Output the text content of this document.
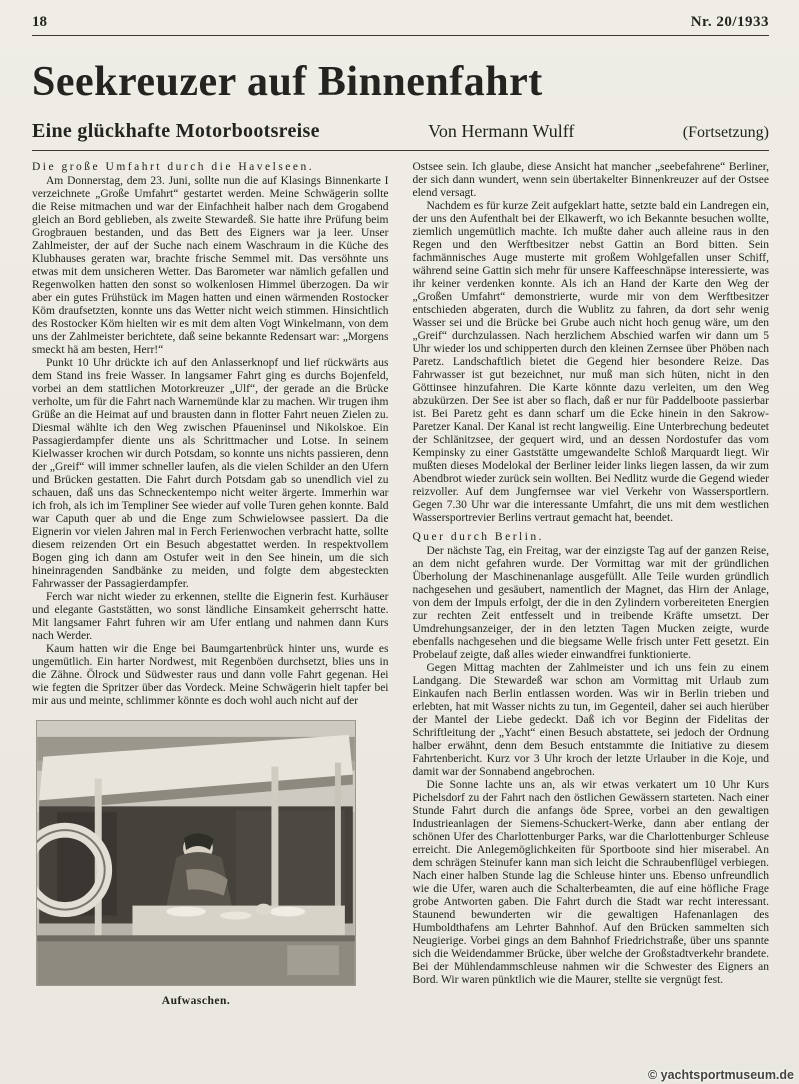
18	Nr. 20/1933
Seekreuzer auf Binnenfahrt
Eine glückhafte Motorbootsreise	Von Hermann Wulff	(Fortsetzung)
Die große Umfahrt durch die Havelseen.

Am Donnerstag, dem 23. Juni, sollte nun die auf Klasings Binnenkarte I verzeichnete „Große Umfahrt“ gestartet werden. Meine Schwägerin sollte die Reise mitmachen und war der Einfachheit halber nach dem Grogabend gleich an Bord geblieben, als zweite Stewardeß. Sie hatte ihre Prüfung beim Grogbrauen bestanden, und das Bett des Eigners war ja leer. Unser Zahlmeister, der auf der Suche nach einem Waschraum in die Küche des Klubhauses geraten war, brachte frische Semmel mit. Das versöhnte uns etwas mit dem unsicheren Wetter. Das Barometer war nämlich gefallen und Regenwolken hatten den sonst so wolkenlosen Himmel überzogen. Da wir aber ein gutes Frühstück im Magen hatten und einen wärmenden Rostocker Köm draufsetzten, konnte uns das Wetter nicht weich stimmen. Hinsichtlich des Rostocker Köm hielten wir es mit dem alten Vogt Winkelmann, von dem uns der Zahlmeister berichtete, daß seine bekannte Redensart war: „Morgens smeckt hä am besten, Herr!“

Punkt 10 Uhr drückte ich auf den Anlasserknopf und lief rückwärts aus dem Stand ins freie Wasser. In langsamer Fahrt ging es durchs Bojenfeld, vorbei an dem stattlichen Motorkreuzer „Ulf“, der gerade an die Brücke verholte, um für die Fahrt nach Warnemünde klar zu machen. Wir trugen ihm Grüße an die Heimat auf und brausten dann in flotter Fahrt neuen Zielen zu. Diesmal wählte ich den Weg zwischen Pfaueninsel und Nikolskoe. Ein Passagierdampfer diente uns als Schrittmacher und Lotse. In seinem Kielwasser krochen wir durch Potsdam, so konnte uns nichts passieren, denn der „Greif“ will immer schneller laufen, als die vielen Schilder an den Ufern und Brücken gestatten. Die Fahrt durch Potsdam gab so unendlich viel zu schauen, daß uns das Schneckentempo nicht weiter ärgerte. Immerhin war ich froh, als ich im Templiner See wieder auf volle Turen gehen konnte. Bald war Caputh quer ab und die Enge zum Schwielowsee passiert. Da die Eignerin vor vielen Jahren mal in Ferch Ferienwochen verbracht hatte, sollte diesem reizenden Ort ein Besuch abgestattet werden. In respektvollem Bogen ging ich dann am Ostufer weit in den See hinein, um die sich hineinragenden Sandbänke zu meiden, und folgte dem abgesteckten Fahrwasser der Passagierdampfer.

Ferch war nicht wieder zu erkennen, stellte die Eignerin fest. Kurhäuser und elegante Gaststätten, wo sonst ländliche Einsamkeit geherrscht hatte. Mit langsamer Fahrt fuhren wir am Ufer entlang und nahmen dann Kurs nach Werder.

Kaum hatten wir die Enge bei Baumgartenbrück hinter uns, wurde es ungemütlich. Ein harter Nordwest, mit Regenböen durchsetzt, blies uns in die Zähne. Ölrock und Südwester raus und dann volle Fahrt gegenan. Hei wie fegten die Spritzer über das Vordeck. Meine Schwägerin hielt tapfer bei mir aus und meinte, schlimmer könnte es doch wohl auch nicht auf der

Aufwaschen.

Ostsee sein. Ich glaube, diese Ansicht hat mancher „seebefahrene“ Berliner, der sich dann wundert, wenn sein übertakelter Binnenkreuzer auf der Ostsee elend versagt.

Nachdem es für kurze Zeit aufgeklart hatte, setzte bald ein Landregen ein, der uns den Aufenthalt bei der Elkawerft, wo ich Bekannte besuchen wollte, ziemlich ungemütlich machte. Ich mußte daher auch alleine raus in den Regen und den Werftbesitzer nebst Gattin an Bord bitten. Sein fachmännisches Auge musterte mit großem Wohlgefallen unser Schiff, während seine Gattin sich mehr für unsere Kaffeeschnäpse interessierte, was ihr keiner verdenken konnte. Als ich an Hand der Karte den Weg der „Großen Umfahrt“ demonstrierte, wurde mir von dem Werftbesitzer entschieden abgeraten, durch die Wublitz zu fahren, da dort sehr wenig Wasser sei und die Brücke bei Grube auch nicht hoch genug wäre, um den „Greif“ durchzulassen. Nach herzlichem Abschied warfen wir dann um 5 Uhr wieder los und schipperten durch den kleinen Zernsee über Phöben nach Paretz. Landschaftlich bietet die Gegend hier besondere Reize. Das Fahrwasser ist gut bezeichnet, nur muß man sich hüten, nicht in den Göttinsee hinzufahren. Die Karte könnte dazu verleiten, um den Weg abzukürzen. Der See ist aber so flach, daß er nur für Paddelboote passierbar ist. Bei Paretz geht es dann scharf um die Ecke hinein in den Sakrow-Paretzer Kanal. Der Kanal ist recht langweilig. Eine Unterbrechung bedeutet der Schlänitzsee, der gequert wird, und an dessen Nordostufer das vom Kempinsky zu einer Gaststätte umgewandelte Schloß Marquardt liegt. Wir mußten dieses Modelokal der Berliner leider links liegen lassen, da wir zum Abendbrot wieder zurück sein wollten. Bei Nedlitz wurde die Gegend wieder reizvoller. Auf dem Jungfernsee war viel Verkehr von Wassersportlern. Gegen 7.30 Uhr war die interessante Umfahrt, die uns mit dem westlichen Wassersportrevier Berlins vertraut gemacht hat, beendet.

Quer durch Berlin.

Der nächste Tag, ein Freitag, war der einzigste Tag auf der ganzen Reise, an dem nicht gefahren wurde. Der Vormittag war mit der gründlichen Überholung der Maschinenanlage ausgefüllt. Alle Teile wurden gründlich nachgesehen und gesäubert, namentlich der Magnet, das Hirn der Anlage, von dem der Impuls erfolgt, der die in den Zylindern vorbereiteten Energien zur rechten Zeit entfesselt und in treibende Kräfte umsetzt. Der Umdrehungsanzeiger, der in den letzten Tagen Mucken zeigte, wurde ebenfalls nachgesehen und die biegsame Welle frisch unter Fett gesetzt. Ein Probelauf zeigte, daß alles wieder einwandfrei funktionierte.

Gegen Mittag machten der Zahlmeister und ich uns fein zu einem Landgang. Die Stewardeß war schon am Vormittag mit Urlaub zum Einkaufen nach Berlin entlassen worden. Was wir in Berlin trieben und erlebten, hat mit Wasser nichts zu tun, im Gegenteil, daher sei auch hierüber der Mantel der Liebe gedeckt. Daß ich vor Beginn der Fidelitas der Schriftleitung der „Yacht“ einen Besuch abstattete, sei jedoch der Ordnung halber erwähnt, denn dem Besuch entstammte die Initiative zu diesem Fahrtenbericht. Kurz vor 3 Uhr kroch der letzte Urlauber in die Koje, und damit war der Sonnabend angebrochen.

Die Sonne lachte uns an, als wir etwas verkatert um 10 Uhr Kurs Pichelsdorf zu der Fahrt nach den östlichen Gewässern starteten. Nach einer Stunde Fahrt durch die anfangs öde Spree, vorbei an den gewaltigen Industrieanlagen der Siemens-Schuckert-Werke, dann aber entlang der schönen Ufer des Charlottenburger Parks, war die Charlottenburger Schleuse erreicht. Die Anlegemöglichkeiten für Sportboote sind hier miserabel. An dem schrägen Steinufer kann man sich leicht die Schraubenflügel verbiegen. Nach einer halben Stunde lag die Schleuse hinter uns. Ebenso unfreundlich wie die Ufer, waren auch die Schalterbeamten, die auf eine höfliche Frage grobe Antworten gaben. Die Fahrt durch die Stadt war recht interessant. Staunend bewunderten wir die gewaltigen Hafenanlagen des Humboldthafens am Lehrter Bahnhof. Auf den Brücken sammelten sich Neugierige. Vorbei gings an dem Bahnhof Friedrichstraße, über uns spannte sich die Weidendammer Brücke, über welche der Großstadtverkehr brandete. Bei der Mühlendammschleuse nahmen wir die Schwester des Eigners an Bord. Wir waren pünktlich wie die Maurer, stellte sie vergnügt fest.

© yachtsportmuseum.de
